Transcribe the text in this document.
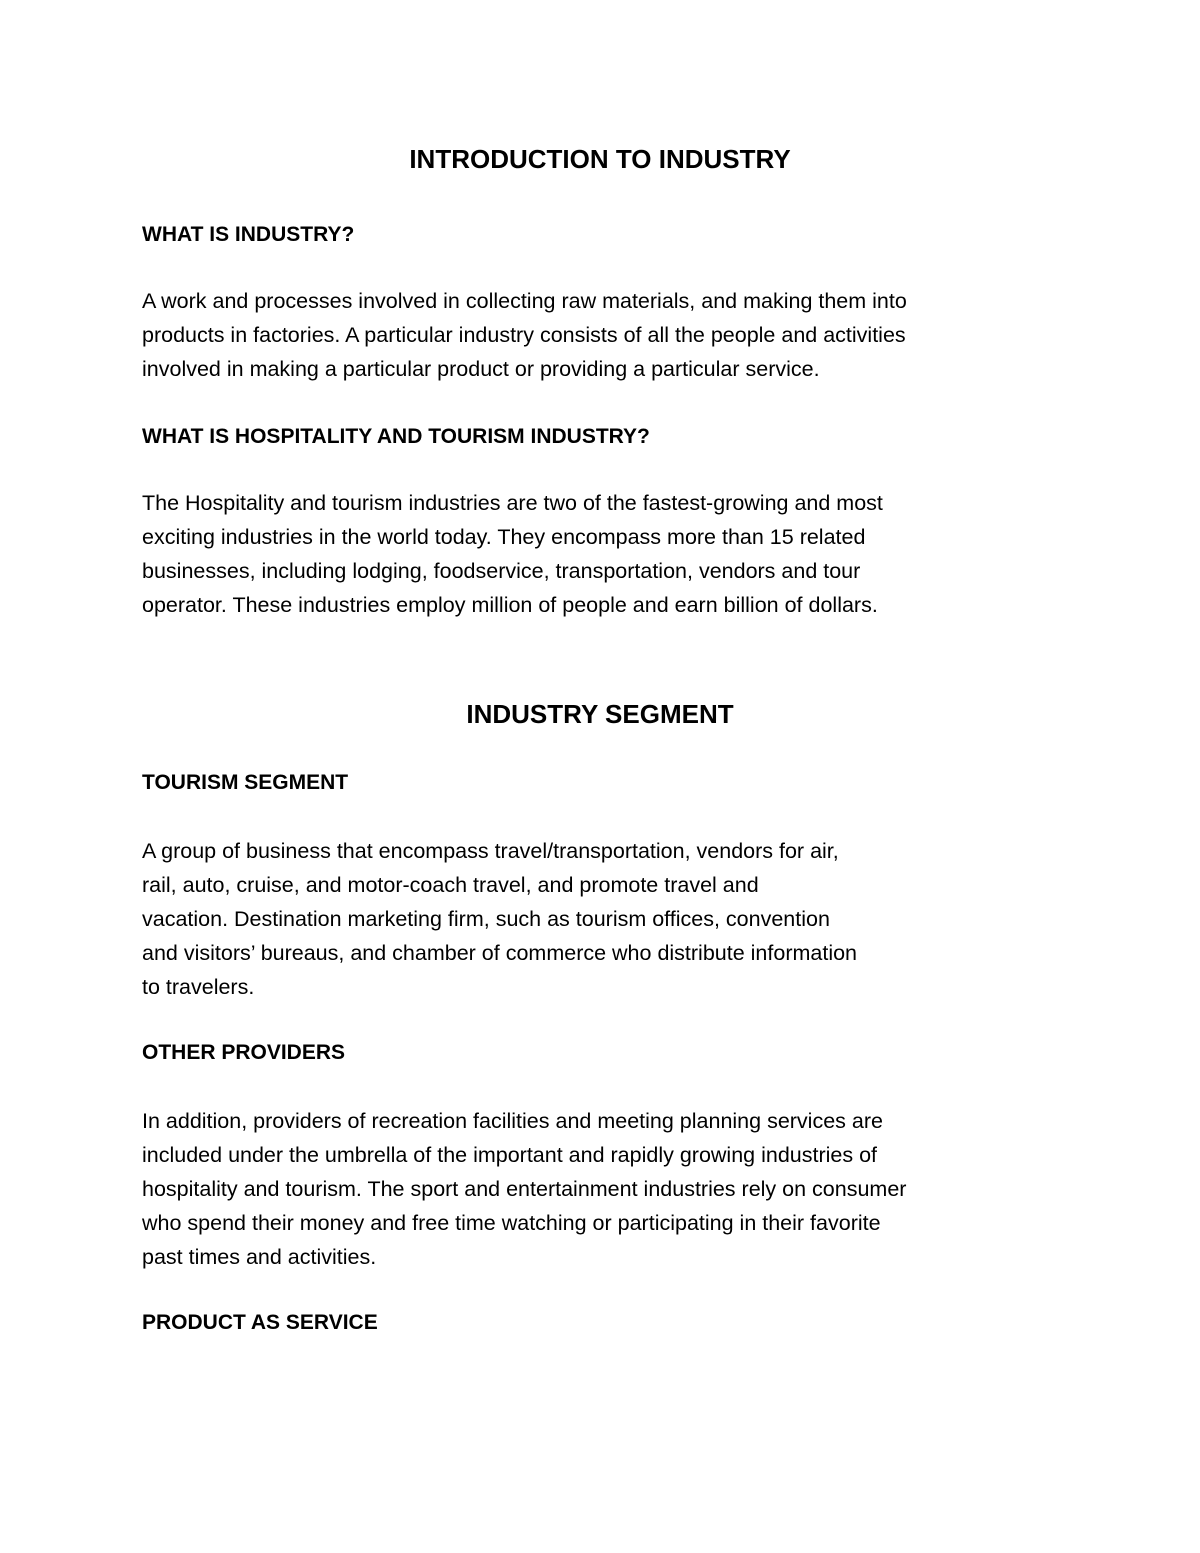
INTRODUCTION TO INDUSTRY
WHAT IS INDUSTRY?

A work and processes involved in collecting raw materials, and making them into
products in factories. A particular industry consists of all the people and activities
involved in making a particular product or providing a particular service.

WHAT IS HOSPITALITY AND TOURISM INDUSTRY?

The Hospitality and tourism industries are two of the fastest-growing and most
exciting industries in the world today. They encompass more than 15 related
businesses, including lodging, foodservice, transportation, vendors and tour
operator. These industries employ million of people and earn billion of dollars.

INDUSTRY SEGMENT
TOURISM SEGMENT

A group of business that encompass travel/transportation, vendors for air,
rail, auto, cruise, and motor-coach travel, and promote travel and
vacation. Destination marketing firm, such as tourism offices, convention
and visitors’ bureaus, and chamber of commerce who distribute information
to travelers.

OTHER PROVIDERS

In addition, providers of recreation facilities and meeting planning services are
included under the umbrella of the important and rapidly growing industries of
hospitality and tourism. The sport and entertainment industries rely on consumer
who spend their money and free time watching or participating in their favorite
past times and activities.

PRODUCT AS SERVICE
